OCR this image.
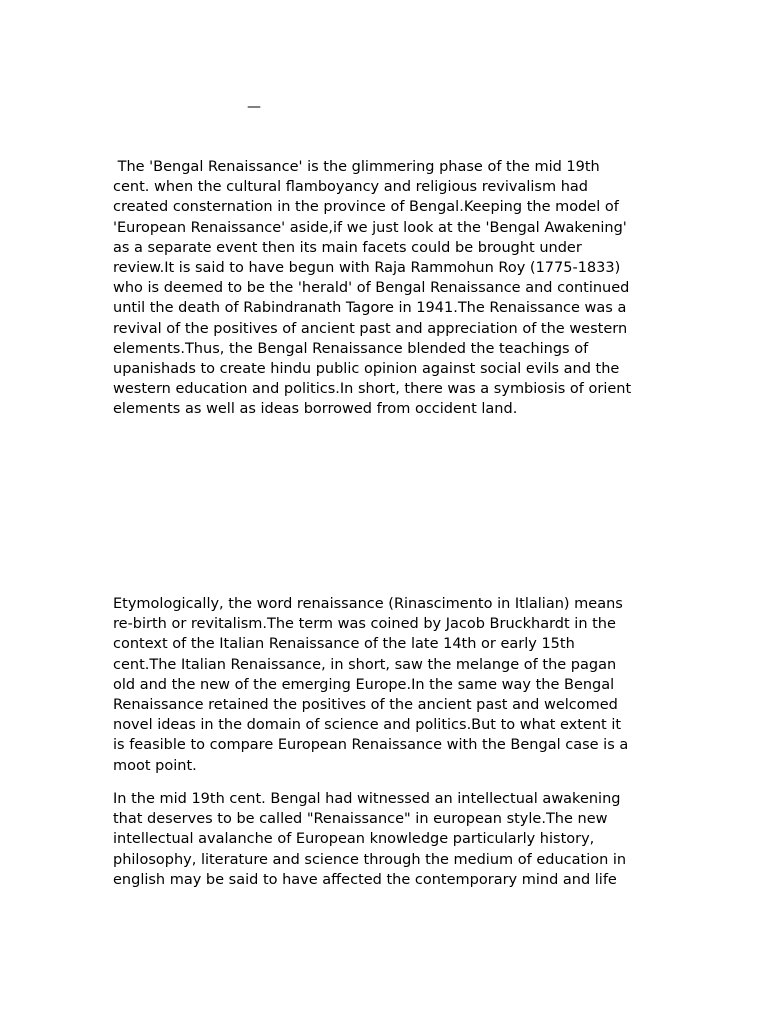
—
The 'Bengal Renaissance' is the glimmering phase of the mid 19th
cent. when the cultural flamboyancy and religious revivalism had
created consternation in the province of Bengal.Keeping the model of
'European Renaissance' aside,if we just look at the 'Bengal Awakening'
as a separate event then its main facets could be brought under
review.It is said to have begun with Raja Rammohun Roy (1775-1833)
who is deemed to be the 'herald' of Bengal Renaissance and continued
until the death of Rabindranath Tagore in 1941.The Renaissance was a
revival of the positives of ancient past and appreciation of the western
elements.Thus, the Bengal Renaissance blended the teachings of
upanishads to create hindu public opinion against social evils and the
western education and politics.In short, there was a symbiosis of orient
elements as well as ideas borrowed from occident land.
Etymologically, the word renaissance (Rinascimento in Itlalian) means
re-birth or revitalism.The term was coined by Jacob Bruckhardt in the
context of the Italian Renaissance of the late 14th or early 15th
cent.The Italian Renaissance, in short, saw the melange of the pagan
old and the new of the emerging Europe.In the same way the Bengal
Renaissance retained the positives of the ancient past and welcomed
novel ideas in the domain of science and politics.But to what extent it
is feasible to compare European Renaissance with the Bengal case is a
moot point.
In the mid 19th cent. Bengal had witnessed an intellectual awakening
that deserves to be called "Renaissance" in european style.The new
intellectual avalanche of European knowledge particularly history,
philosophy, literature and science through the medium of education in
english may be said to have affected the contemporary mind and life
